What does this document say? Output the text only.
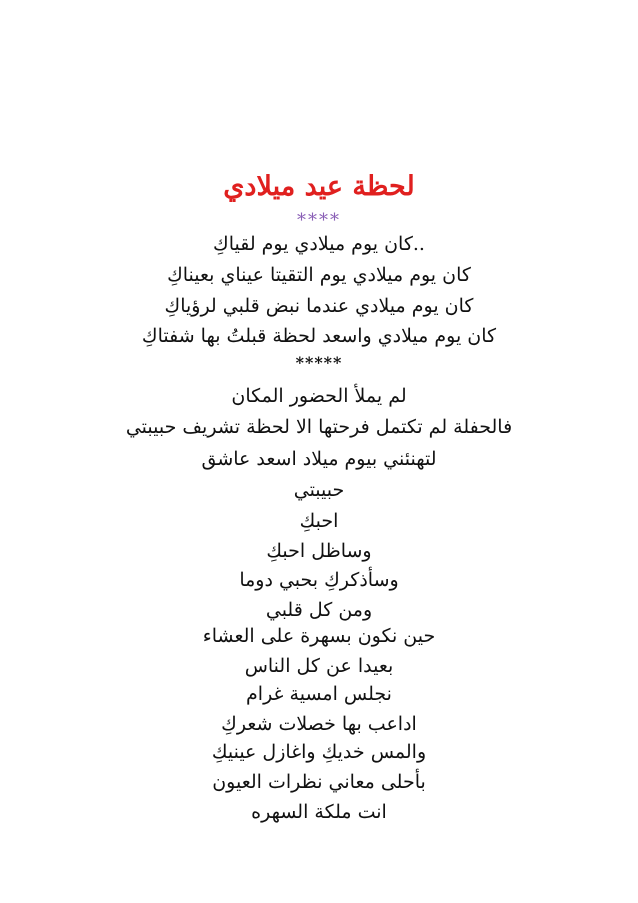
لحظة عيد ميلادي
****
..كان يوم ميلادي يوم لقياكِ
كان يوم ميلادي يوم التقيتا عيناي بعيناكِ
كان يوم ميلادي عندما نبض قلبي لرؤياكِ
كان يوم ميلادي واسعد لحظة قبلتُ بها شفتاكِ
*****
لم يملأ الحضور المكان
فالحفلة لم تكتمل فرحتها الا لحظة تشريف حبيبتي
لتهنئني بيوم ميلاد اسعد عاشق
حبيبتي
احبكِ
وساظل احبكِ
وسأذكركِ بحبي دوما
ومن كل قلبي
حين نكون بسهرة على العشاء
بعيدا عن كل الناس
نجلس امسية غرام
اداعب بها خصلات شعركِ
والمس خديكِ واغازل عينيكِ
بأحلى معاني نظرات العيون
انت ملكة السهره
